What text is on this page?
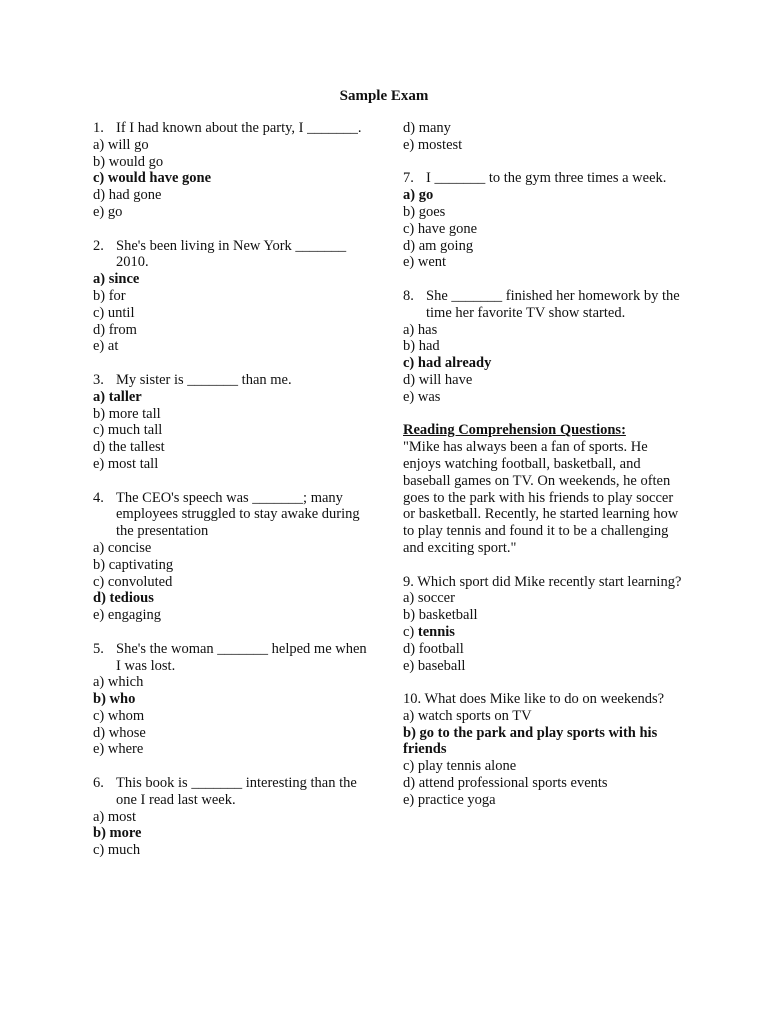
Sample Exam
1. If I had known about the party, I _______.
a) will go
b) would go
c) would have gone
d) had gone
e) go
2. She's been living in New York _______ 2010.
a) since
b) for
c) until
d) from
e) at
3. My sister is _______ than me.
a) taller
b) more tall
c) much tall
d) the tallest
e) most tall
4. The CEO's speech was _______; many employees struggled to stay awake during the presentation
a) concise
b) captivating
c) convoluted
d) tedious
e) engaging
5. She's the woman _______ helped me when I was lost.
a) which
b) who
c) whom
d) whose
e) where
6. This book is _______ interesting than the one I read last week.
a) most
b) more
c) much
d) many
e) mostest
7. I _______ to the gym three times a week.
a) go
b) goes
c) have gone
d) am going
e) went
8. She _______ finished her homework by the time her favorite TV show started.
a) has
b) had
c) had already
d) will have
e) was
Reading Comprehension Questions:
"Mike has always been a fan of sports. He enjoys watching football, basketball, and baseball games on TV. On weekends, he often goes to the park with his friends to play soccer or basketball. Recently, he started learning how to play tennis and found it to be a challenging and exciting sport."
9. Which sport did Mike recently start learning?
a) soccer
b) basketball
c) tennis
d) football
e) baseball
10. What does Mike like to do on weekends?
a) watch sports on TV
b) go to the park and play sports with his friends
c) play tennis alone
d) attend professional sports events
e) practice yoga
